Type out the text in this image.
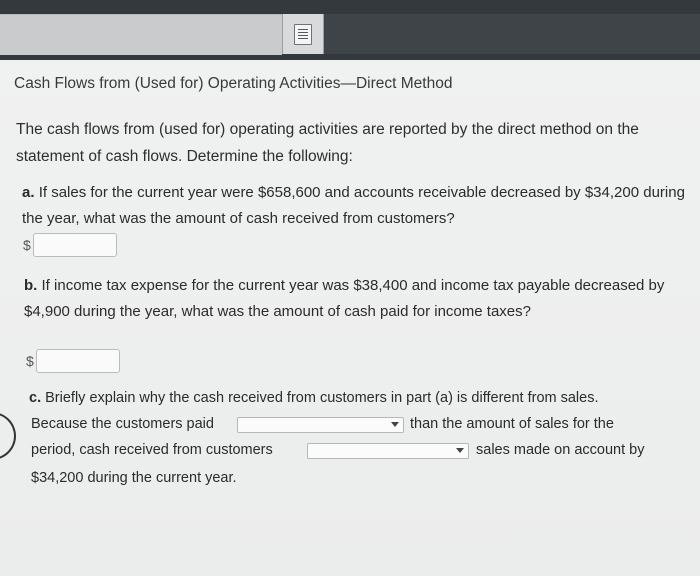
Cash Flows from (Used for) Operating Activities—Direct Method
The cash flows from (used for) operating activities are reported by the direct method on the statement of cash flows. Determine the following:
a. If sales for the current year were $658,600 and accounts receivable decreased by $34,200 during the year, what was the amount of cash received from customers?
$
b. If income tax expense for the current year was $38,400 and income tax payable decreased by $4,900 during the year, what was the amount of cash paid for income taxes?
$
c. Briefly explain why the cash received from customers in part (a) is different from sales.
Because the customers paid	than the amount of sales for the
period, cash received from customers	sales made on account by
$34,200 during the current year.
